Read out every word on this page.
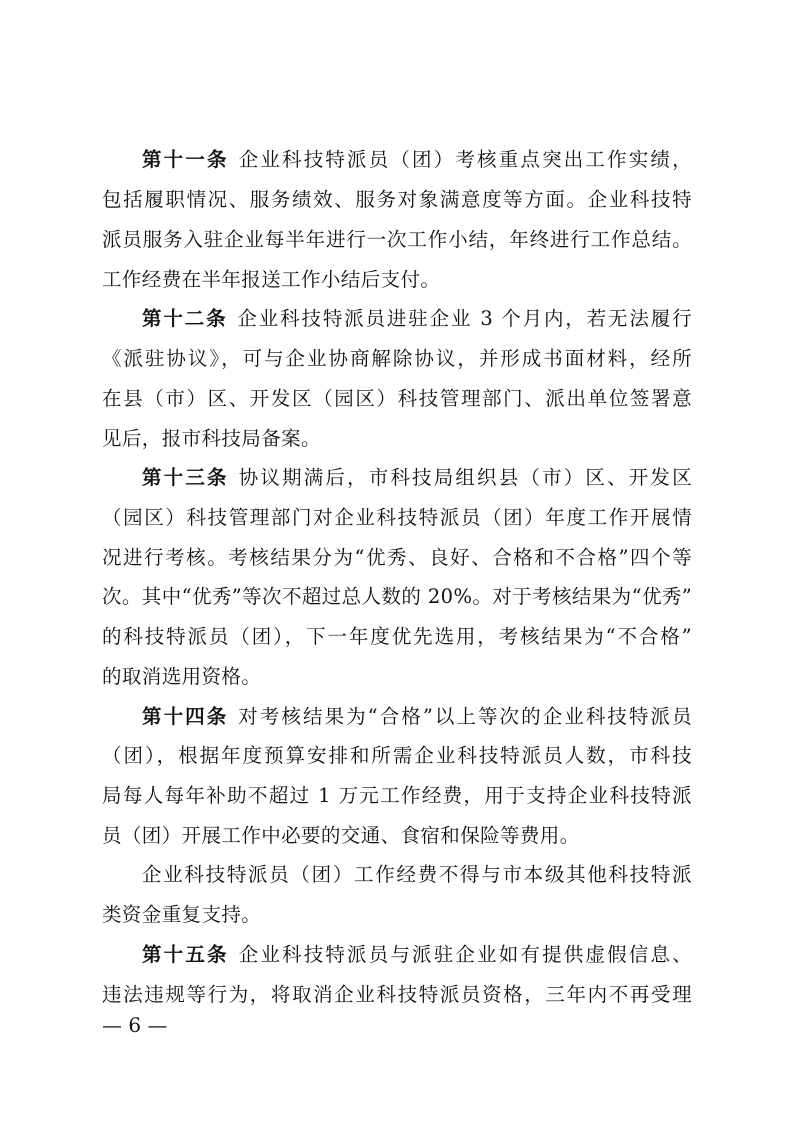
第十一条 企业科技特派员（团）考核重点突出工作实绩，
包括履职情况、服务绩效、服务对象满意度等方面。企业科技特
派员服务入驻企业每半年进行一次工作小结，年终进行工作总结。
工作经费在半年报送工作小结后支付。
第十二条 企业科技特派员进驻企业 3 个月内，若无法履行
《派驻协议》，可与企业协商解除协议，并形成书面材料，经所
在县（市）区、开发区（园区）科技管理部门、派出单位签署意
见后，报市科技局备案。
第十三条 协议期满后，市科技局组织县（市）区、开发区
（园区）科技管理部门对企业科技特派员（团）年度工作开展情
况进行考核。考核结果分为“优秀、良好、合格和不合格”四个等
次。其中“优秀”等次不超过总人数的 20%。对于考核结果为“优秀”
的科技特派员（团），下一年度优先选用，考核结果为“不合格”
的取消选用资格。
第十四条 对考核结果为“合格”以上等次的企业科技特派员
（团），根据年度预算安排和所需企业科技特派员人数，市科技
局每人每年补助不超过 1 万元工作经费，用于支持企业科技特派
员（团）开展工作中必要的交通、食宿和保险等费用。
企业科技特派员（团）工作经费不得与市本级其他科技特派
类资金重复支持。
第十五条 企业科技特派员与派驻企业如有提供虚假信息、
违法违规等行为，将取消企业科技特派员资格，三年内不再受理
— 6 —
